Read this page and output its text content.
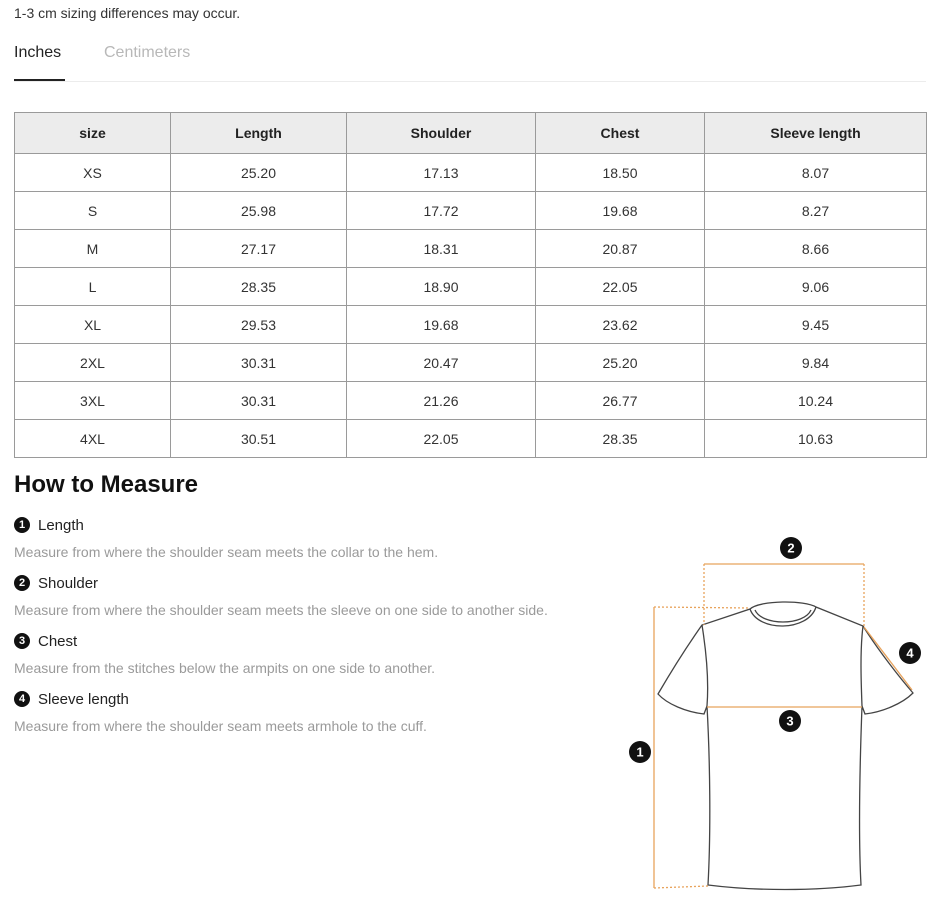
1-3 cm sizing differences may occur.
Inches	Centimeters
size	Length	Shoulder	Chest	Sleeve length
XS	25.20	17.13	18.50	8.07
S	25.98	17.72	19.68	8.27
M	27.17	18.31	20.87	8.66
L	28.35	18.90	22.05	9.06
XL	29.53	19.68	23.62	9.45
2XL	30.31	20.47	25.20	9.84
3XL	30.31	21.26	26.77	10.24
4XL	30.51	22.05	28.35	10.63
How to Measure
1 Length
Measure from where the shoulder seam meets the collar to the hem.
2 Shoulder
Measure from where the shoulder seam meets the sleeve on one side to another side.
3 Chest
Measure from the stitches below the armpits on one side to another.
4 Sleeve length
Measure from where the shoulder seam meets armhole to the cuff.
1
2
3
4
